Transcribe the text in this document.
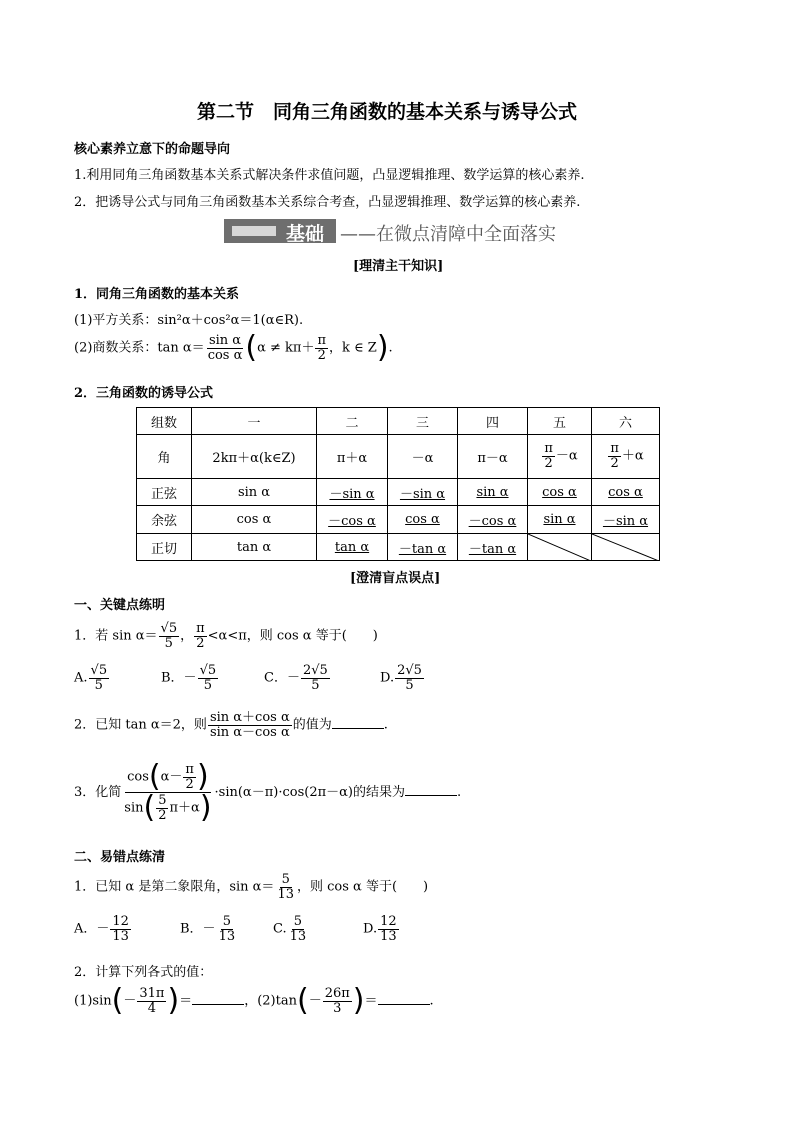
第二节　同角三角函数的基本关系与诱导公式
核心素养立意下的命题导向
1.利用同角三角函数基本关系式解决条件求值问题，凸显逻辑推理、数学运算的核心素养.
2．把诱导公式与同角三角函数基本关系综合考查，凸显逻辑推理、数学运算的核心素养.
基础 ——在微点清障中全面落实
[理清主干知识]
1．同角三角函数的基本关系
(1)平方关系：sin²α＋cos²α＝1(α∈R).
(2)商数关系：$\tan \alpha= \frac{\text{sin α}}{\text{cos α}} (\alpha \ne k\pi+ \frac{\pi}{2}$ ，k ∈ Z).
2．三角函数的诱导公式
组数	一	二	三	四	五	六
角	2kπ＋α(k∈Z)	π＋α	－α	π－α	$\frac{\pi}{2} -\alpha$	$\frac{\pi}{2} +\alpha$
正弦	sin α	－sin α	－sin α	sin α	cos α	cos α
余弦	cos α	－cos α	cos α	－cos α	sin α	－sin α
正切	tan α	tan α	－tan α	－tan α	

[澄清盲点误点]
一、关键点练明
1．若 $\sin \alpha= \frac{√5}{5}$ ， $\frac{\pi}{2} <\alpha<\pi$，则 cos α 等于(　　)
A. $\frac{√5}{5}$	B．－ $\frac{√5}{5}$	C．－ $\frac{2√5}{5}$	D. $\frac{2√5}{5}$
2．已知 tan α＝2，则 $\frac{\text{sin α＋cos α}}{\text{sin α－cos α}}$ 的值为	.
3．化简 $\frac{\cos(\alpha- \frac{\pi}{2} )}{\sin( \frac{5}{2} \pi+\alpha)} \cdot\sin(\alpha-\pi)\cdot\cos(2\pi-\alpha)$的结果为	.
二、易错点练清
1．已知 α 是第二象限角，$\sin \alpha= \frac{5}{13}$ ，则 cos α 等于(　　)
A．－ $\frac{12}{13}$	B．－ $\frac{5}{13}$	C. $\frac{5}{13}$	D. $\frac{12}{13}$
2．计算下列各式的值：
$(1)\sin(- \frac{31\pi}{4}$ )＝	，$(2)\tan(- \frac{26\pi}{3}$ )＝	.
